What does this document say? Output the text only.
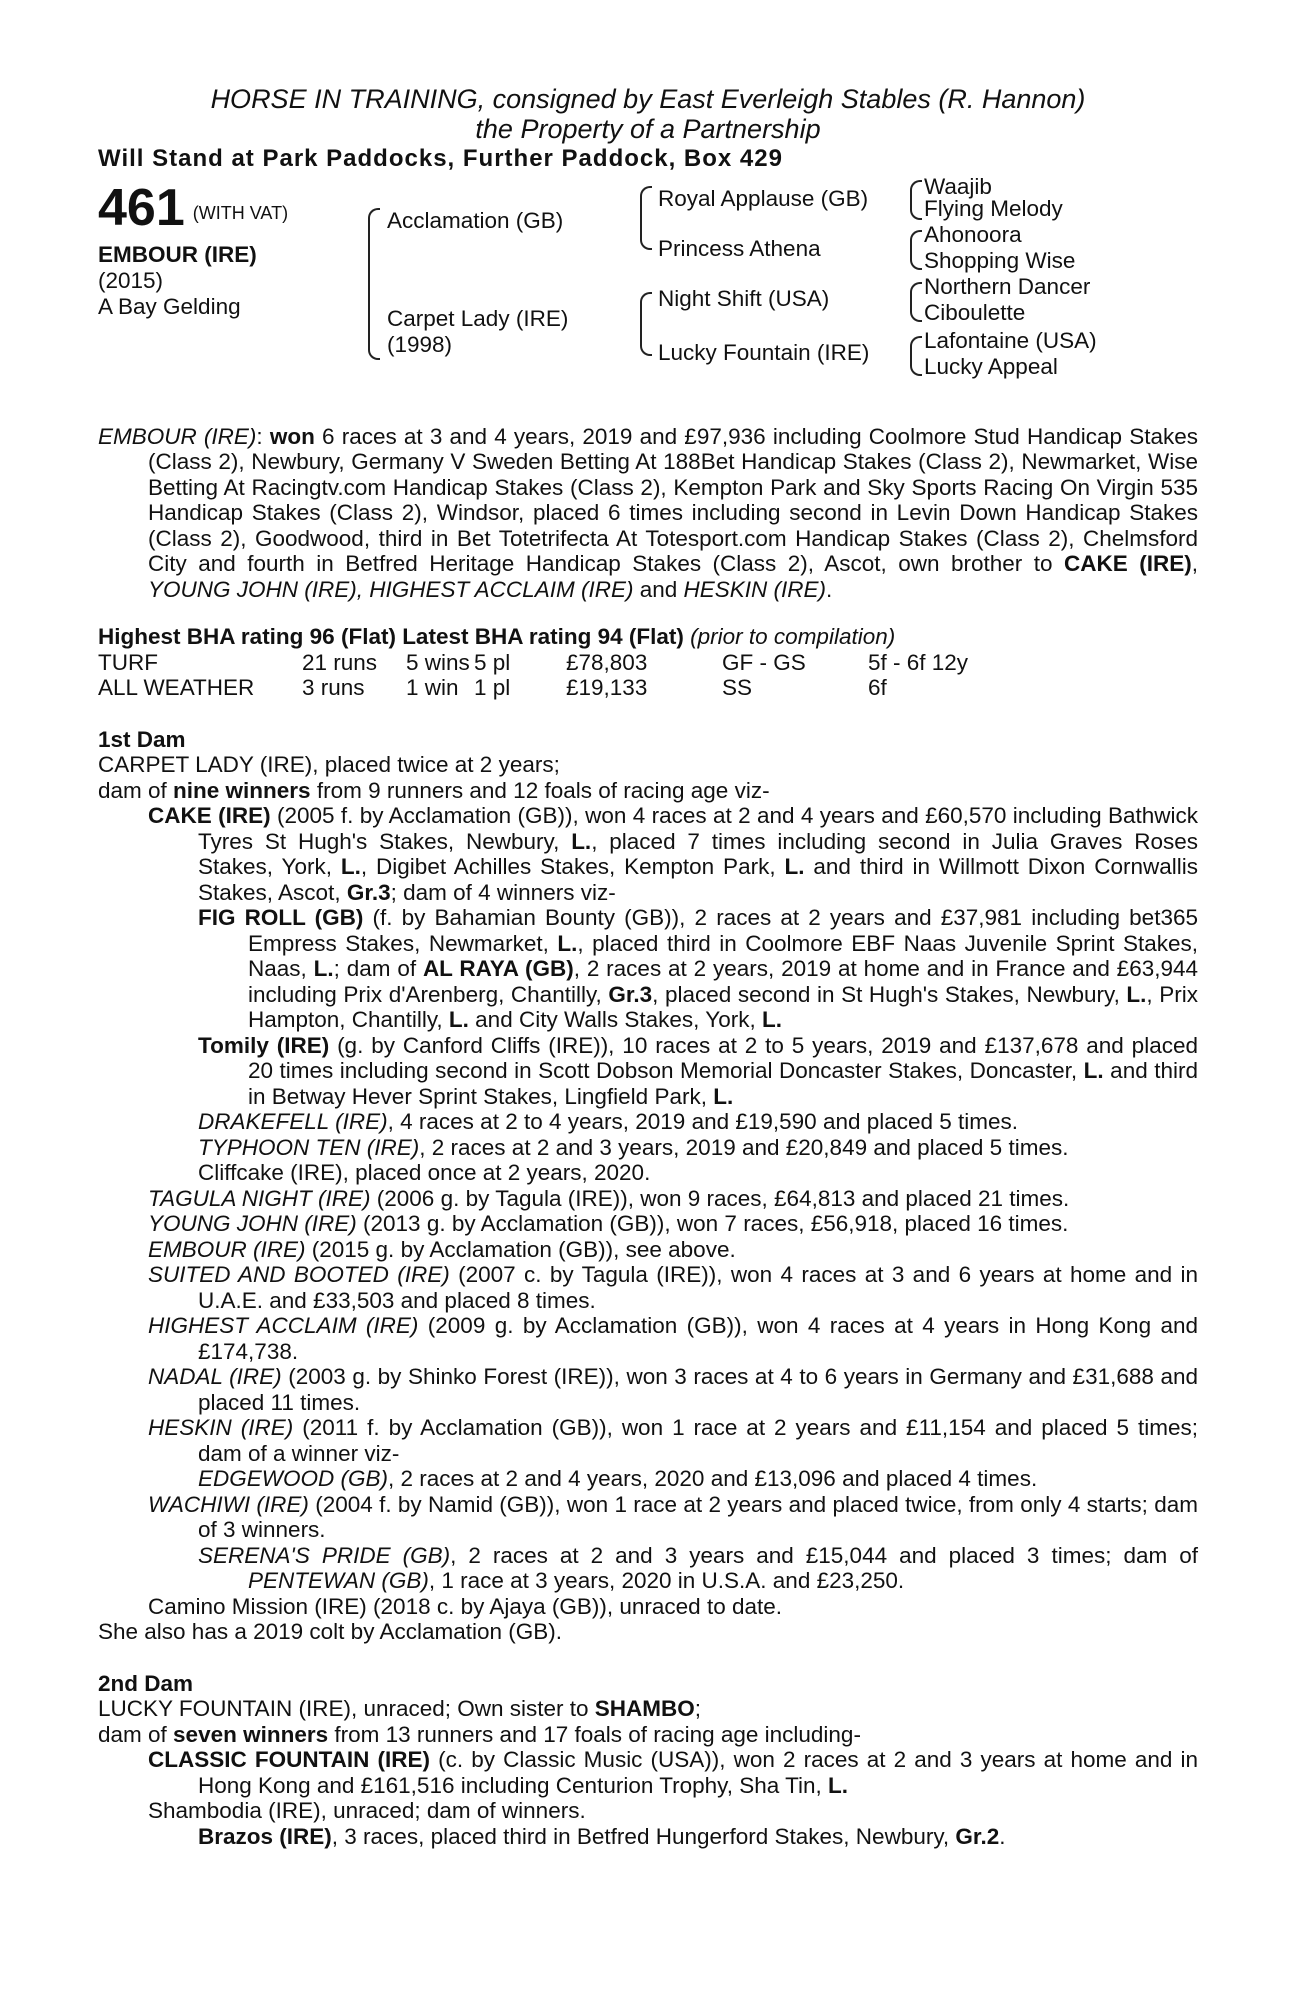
HORSE IN TRAINING, consigned by East Everleigh Stables (R. Hannon)
the Property of a Partnership
Will Stand at Park Paddocks, Further Paddock, Box 429
461 $^{(WITH VAT)}$
EMBOUR (IRE)
(2015)
A Bay Gelding
Acclamation (GB)
Carpet Lady (IRE)
(1998)
Royal Applause (GB)
Princess Athena
Night Shift (USA)
Lucky Fountain (IRE)
Waajib
Flying Melody
Ahonoora
Shopping Wise
Northern Dancer
Ciboulette
Lafontaine (USA)
Lucky Appeal

EMBOUR (IRE): won 6 races at 3 and 4 years, 2019 and £97,936 including Coolmore Stud Handicap Stakes (Class 2), Newbury, Germany V Sweden Betting At 188Bet Handicap Stakes (Class 2), Newmarket, Wise Betting At Racingtv.com Handicap Stakes (Class 2), Kempton Park and Sky Sports Racing On Virgin 535 Handicap Stakes (Class 2), Windsor, placed 6 times including second in Levin Down Handicap Stakes (Class 2), Goodwood, third in Bet Totetrifecta At Totesport.com Handicap Stakes (Class 2), Chelmsford City and fourth in Betfred Heritage Handicap Stakes (Class 2), Ascot, own brother to CAKE (IRE), YOUNG JOHN (IRE), HIGHEST ACCLAIM (IRE) and HESKIN (IRE).

Highest BHA rating 96 (Flat) Latest BHA rating 94 (Flat) (prior to compilation)
TURF	21 runs	5 wins	5 pl	£78,803	GF - GS	5f - 6f 12y
ALL WEATHER	3 runs	1 win	1 pl	£19,133	SS	6f
1st Dam

CARPET LADY (IRE), placed twice at 2 years;

dam of nine winners from 9 runners and 12 foals of racing age viz-

CAKE (IRE) (2005 f. by Acclamation (GB)), won 4 races at 2 and 4 years and £60,570 including Bathwick Tyres St Hugh's Stakes, Newbury, L., placed 7 times including second in Julia Graves Roses Stakes, York, L., Digibet Achilles Stakes, Kempton Park, L. and third in Willmott Dixon Cornwallis Stakes, Ascot, Gr.3; dam of 4 winners viz-

FIG ROLL (GB) (f. by Bahamian Bounty (GB)), 2 races at 2 years and £37,981 including bet365 Empress Stakes, Newmarket, L., placed third in Coolmore EBF Naas Juvenile Sprint Stakes, Naas, L.; dam of AL RAYA (GB), 2 races at 2 years, 2019 at home and in France and £63,944 including Prix d'Arenberg, Chantilly, Gr.3, placed second in St Hugh's Stakes, Newbury, L., Prix Hampton, Chantilly, L. and City Walls Stakes, York, L.

Tomily (IRE) (g. by Canford Cliffs (IRE)), 10 races at 2 to 5 years, 2019 and £137,678 and placed 20 times including second in Scott Dobson Memorial Doncaster Stakes, Doncaster, L. and third in Betway Hever Sprint Stakes, Lingfield Park, L.

DRAKEFELL (IRE), 4 races at 2 to 4 years, 2019 and £19,590 and placed 5 times.

TYPHOON TEN (IRE), 2 races at 2 and 3 years, 2019 and £20,849 and placed 5 times.

Cliffcake (IRE), placed once at 2 years, 2020.

TAGULA NIGHT (IRE) (2006 g. by Tagula (IRE)), won 9 races, £64,813 and placed 21 times.

YOUNG JOHN (IRE) (2013 g. by Acclamation (GB)), won 7 races, £56,918, placed 16 times.

EMBOUR (IRE) (2015 g. by Acclamation (GB)), see above.

SUITED AND BOOTED (IRE) (2007 c. by Tagula (IRE)), won 4 races at 3 and 6 years at home and in U.A.E. and £33,503 and placed 8 times.

HIGHEST ACCLAIM (IRE) (2009 g. by Acclamation (GB)), won 4 races at 4 years in Hong Kong and £174,738.

NADAL (IRE) (2003 g. by Shinko Forest (IRE)), won 3 races at 4 to 6 years in Germany and £31,688 and placed 11 times.

HESKIN (IRE) (2011 f. by Acclamation (GB)), won 1 race at 2 years and £11,154 and placed 5 times; dam of a winner viz-

EDGEWOOD (GB), 2 races at 2 and 4 years, 2020 and £13,096 and placed 4 times.

WACHIWI (IRE) (2004 f. by Namid (GB)), won 1 race at 2 years and placed twice, from only 4 starts; dam of 3 winners.

SERENA'S PRIDE (GB), 2 races at 2 and 3 years and £15,044 and placed 3 times; dam of PENTEWAN (GB), 1 race at 3 years, 2020 in U.S.A. and £23,250.

Camino Mission (IRE) (2018 c. by Ajaya (GB)), unraced to date.

She also has a 2019 colt by Acclamation (GB).

2nd Dam

LUCKY FOUNTAIN (IRE), unraced; Own sister to SHAMBO;

dam of seven winners from 13 runners and 17 foals of racing age including-

CLASSIC FOUNTAIN (IRE) (c. by Classic Music (USA)), won 2 races at 2 and 3 years at home and in Hong Kong and £161,516 including Centurion Trophy, Sha Tin, L.

Shambodia (IRE), unraced; dam of winners.

Brazos (IRE), 3 races, placed third in Betfred Hungerford Stakes, Newbury, Gr.2.
